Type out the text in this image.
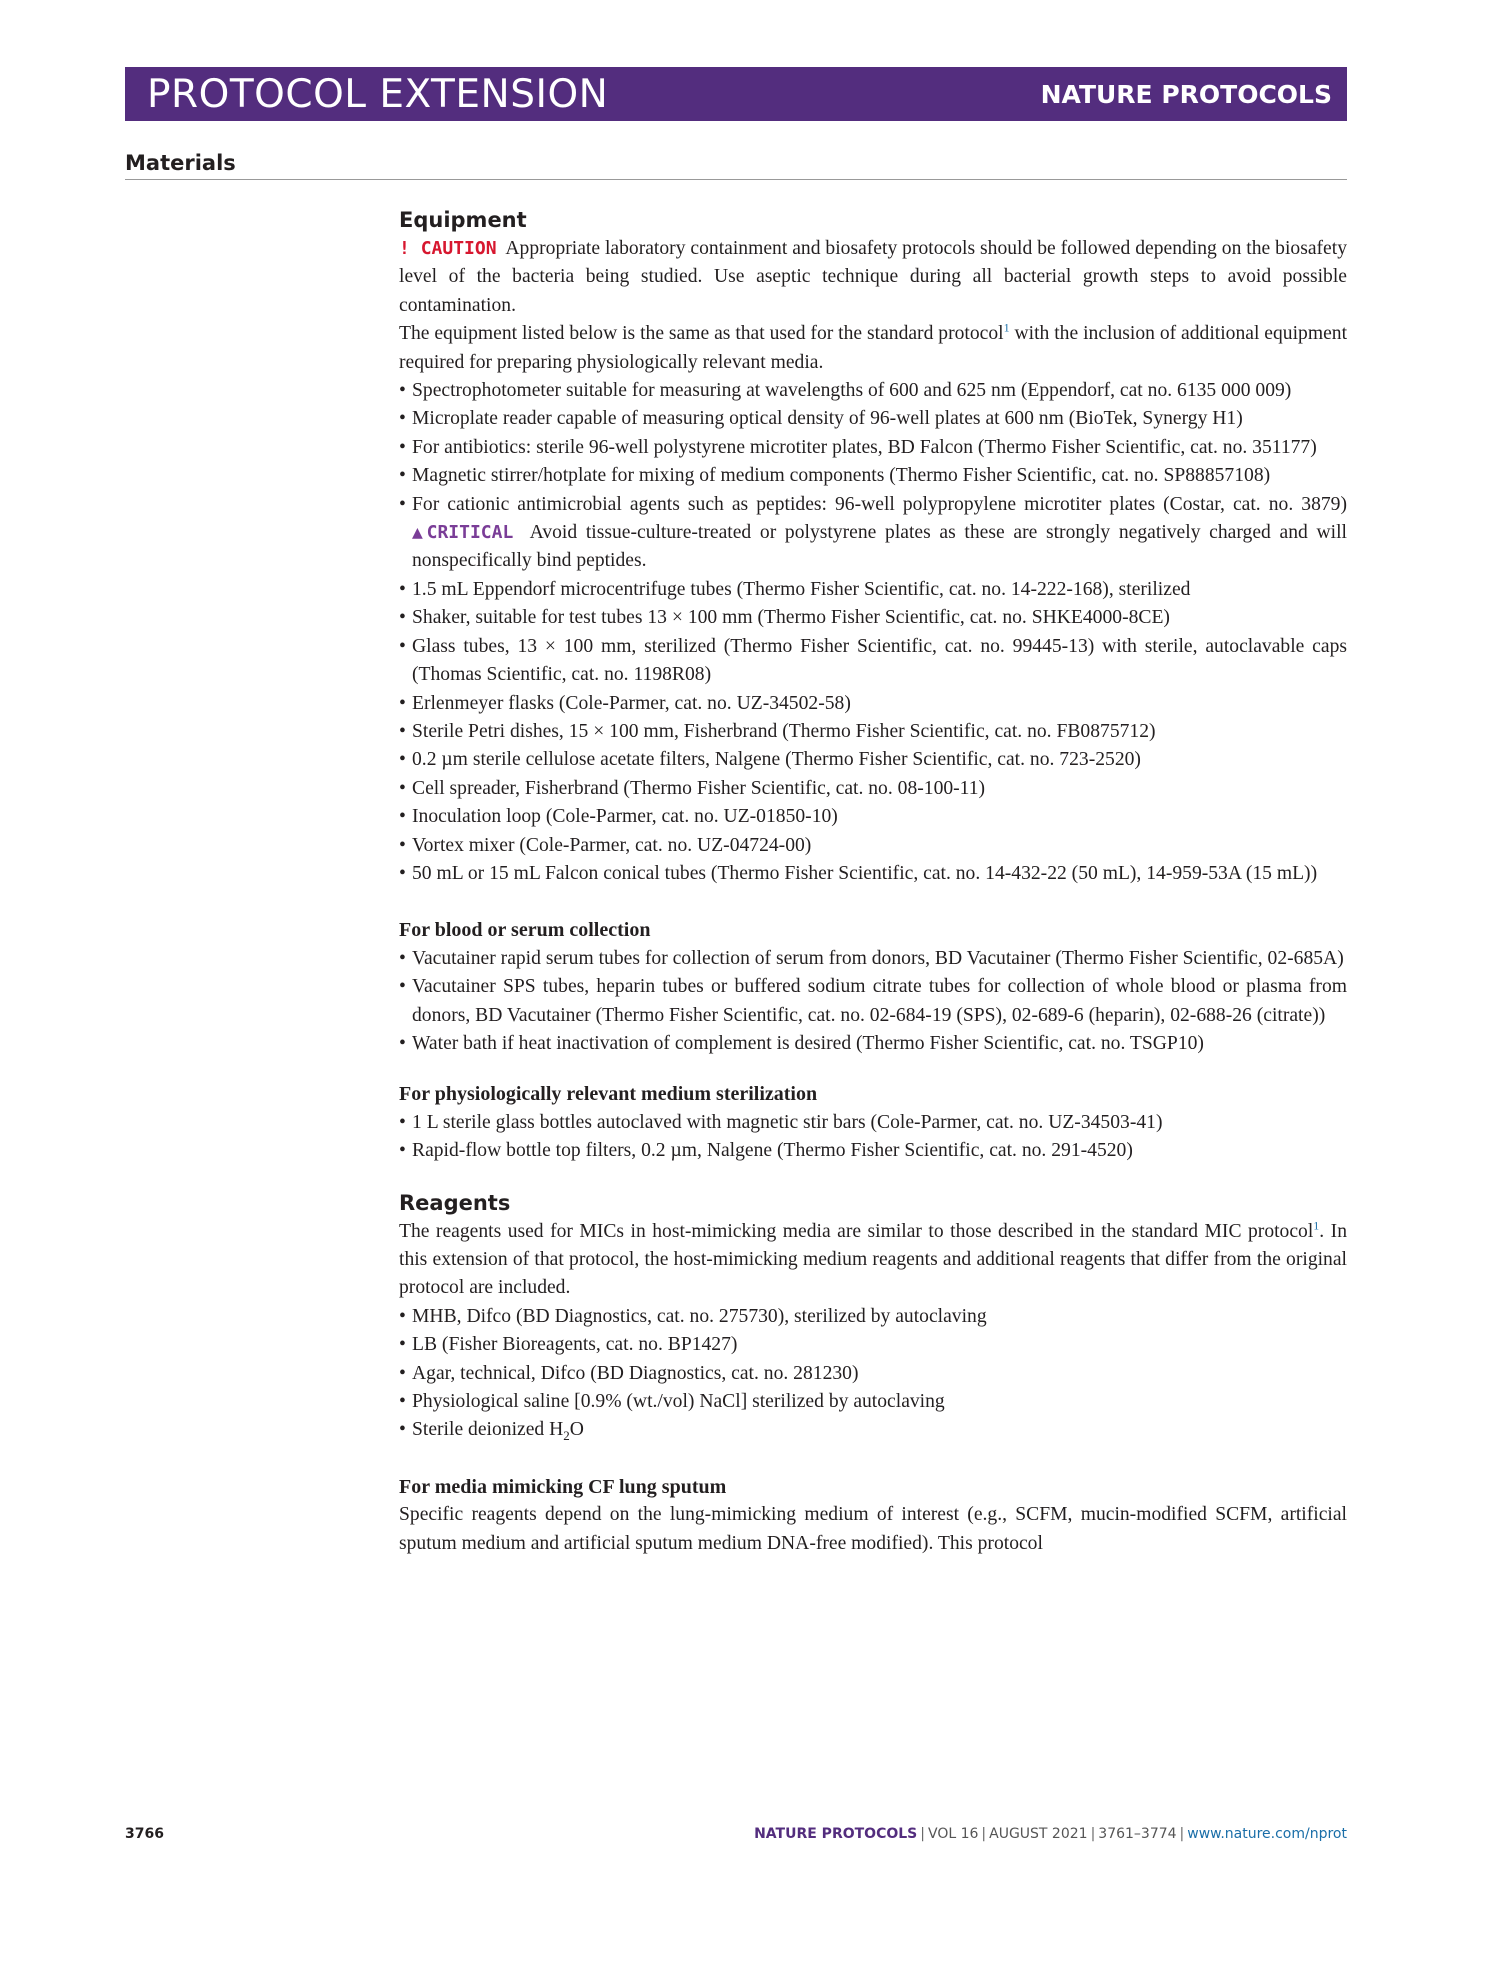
PROTOCOL EXTENSION	NATURE PROTOCOLS
Materials
Equipment

! CAUTION Appropriate laboratory containment and biosafety protocols should be followed depending on the biosafety level of the bacteria being studied. Use aseptic technique during all bacterial growth steps to avoid possible contamination.

The equipment listed below is the same as that used for the standard protocol$^1$ with the inclusion of additional equipment required for preparing physiologically relevant media.

• Spectrophotometer suitable for measuring at wavelengths of 600 and 625 nm (Eppendorf, cat no. 6135 000 009)
• Microplate reader capable of measuring optical density of 96-well plates at 600 nm (BioTek, Synergy H1)
• For antibiotics: sterile 96-well polystyrene microtiter plates, BD Falcon (Thermo Fisher Scientific, cat. no. 351177)
• Magnetic stirrer/hotplate for mixing of medium components (Thermo Fisher Scientific, cat. no. SP88857108)
• For cationic antimicrobial agents such as peptides: 96-well polypropylene microtiter plates (Costar, cat. no. 3879) ▲CRITICAL Avoid tissue-culture-treated or polystyrene plates as these are strongly negatively charged and will nonspecifically bind peptides.
• 1.5 mL Eppendorf microcentrifuge tubes (Thermo Fisher Scientific, cat. no. 14-222-168), sterilized
• Shaker, suitable for test tubes 13 × 100 mm (Thermo Fisher Scientific, cat. no. SHKE4000-8CE)
• Glass tubes, 13 × 100 mm, sterilized (Thermo Fisher Scientific, cat. no. 99445-13) with sterile, autoclavable caps (Thomas Scientific, cat. no. 1198R08)
• Erlenmeyer flasks (Cole-Parmer, cat. no. UZ-34502-58)
• Sterile Petri dishes, 15 × 100 mm, Fisherbrand (Thermo Fisher Scientific, cat. no. FB0875712)
• 0.2 µm sterile cellulose acetate filters, Nalgene (Thermo Fisher Scientific, cat. no. 723-2520)
• Cell spreader, Fisherbrand (Thermo Fisher Scientific, cat. no. 08-100-11)
• Inoculation loop (Cole-Parmer, cat. no. UZ-01850-10)
• Vortex mixer (Cole-Parmer, cat. no. UZ-04724-00)
• 50 mL or 15 mL Falcon conical tubes (Thermo Fisher Scientific, cat. no. 14-432-22 (50 mL), 14-959-53A (15 mL))
For blood or serum collection
• Vacutainer rapid serum tubes for collection of serum from donors, BD Vacutainer (Thermo Fisher Scientific, 02-685A)
• Vacutainer SPS tubes, heparin tubes or buffered sodium citrate tubes for collection of whole blood or plasma from donors, BD Vacutainer (Thermo Fisher Scientific, cat. no. 02-684-19 (SPS), 02-689-6 (heparin), 02-688-26 (citrate))
• Water bath if heat inactivation of complement is desired (Thermo Fisher Scientific, cat. no. TSGP10)
For physiologically relevant medium sterilization
• 1 L sterile glass bottles autoclaved with magnetic stir bars (Cole-Parmer, cat. no. UZ-34503-41)
• Rapid-flow bottle top filters, 0.2 µm, Nalgene (Thermo Fisher Scientific, cat. no. 291-4520)
Reagents

The reagents used for MICs in host-mimicking media are similar to those described in the standard MIC protocol$^1$. In this extension of that protocol, the host-mimicking medium reagents and additional reagents that differ from the original protocol are included.

• MHB, Difco (BD Diagnostics, cat. no. 275730), sterilized by autoclaving
• LB (Fisher Bioreagents, cat. no. BP1427)
• Agar, technical, Difco (BD Diagnostics, cat. no. 281230)
• Physiological saline [0.9% (wt./vol) NaCl] sterilized by autoclaving
• Sterile deionized $H_2O$
For media mimicking CF lung sputum

Specific reagents depend on the lung-mimicking medium of interest (e.g., SCFM, mucin-modified SCFM, artificial sputum medium and artificial sputum medium DNA-free modified). This protocol

3766	NATURE PROTOCOLS | VOL 16 | AUGUST 2021 | 3761–3774 | www.nature.com/nprot
